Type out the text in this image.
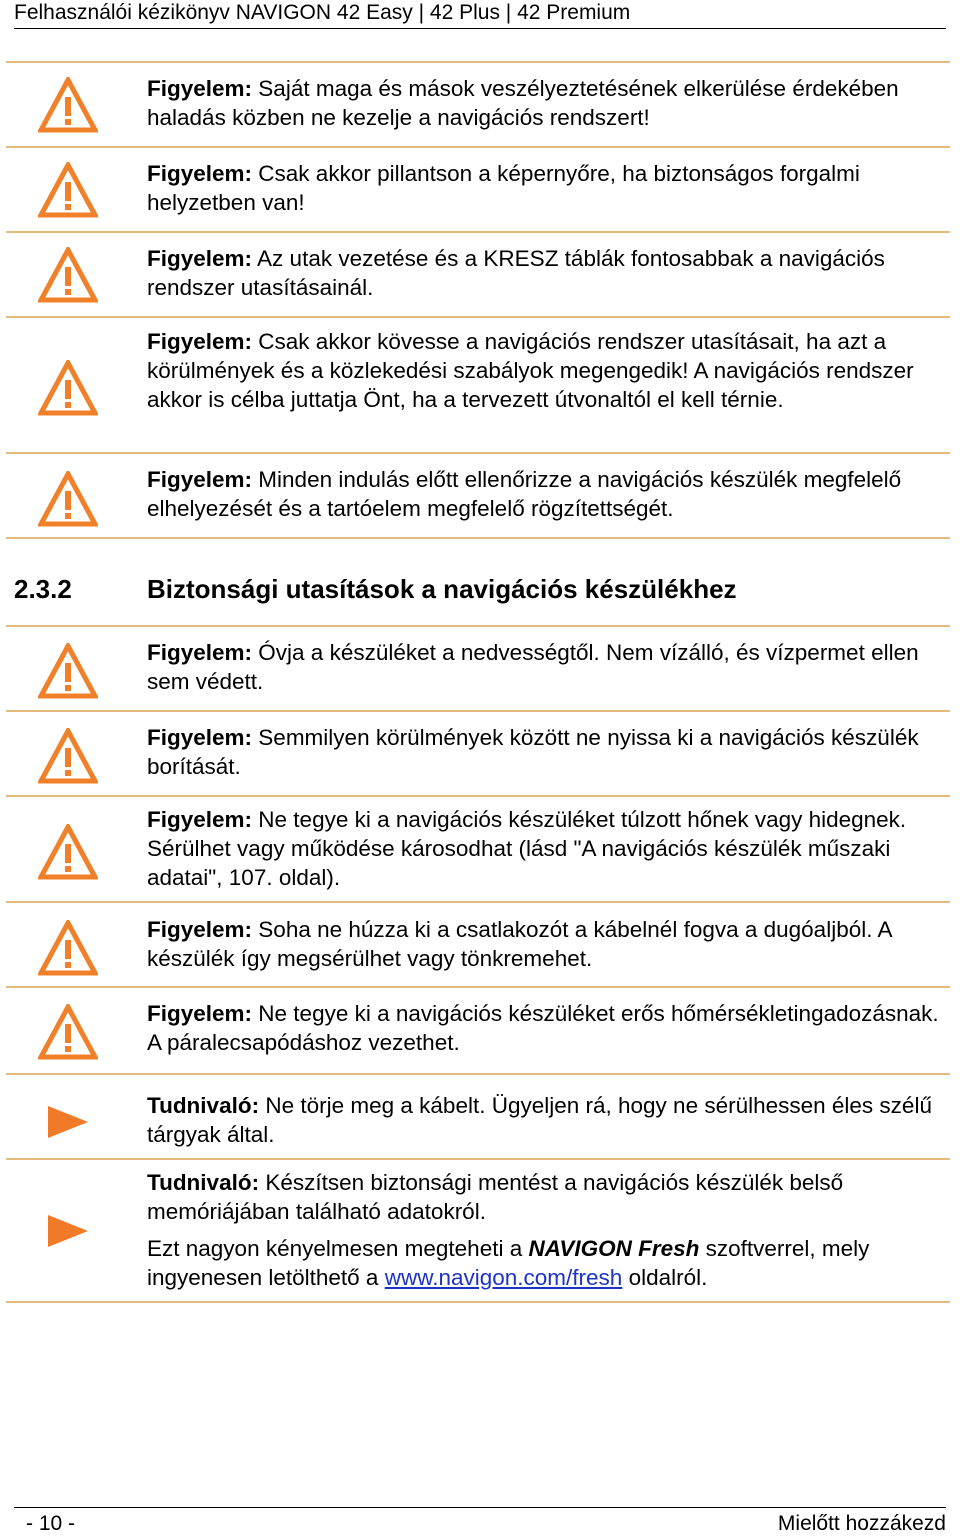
Felhasználói kézikönyv NAVIGON 42 Easy | 42 Plus | 42 Premium

Figyelem: Saját maga és mások veszélyeztetésének elkerülése érdekében haladás közben ne kezelje a navigációs rendszert!

Figyelem: Csak akkor pillantson a képernyőre, ha biztonságos forgalmi helyzetben van!

Figyelem: Az utak vezetése és a KRESZ táblák fontosabbak a navigációs rendszer utasításainál.

Figyelem: Csak akkor kövesse a navigációs rendszer utasításait, ha azt a körülmények és a közlekedési szabályok megengedik! A navigációs rendszer akkor is célba juttatja Önt, ha a tervezett útvonaltól el kell térnie.

Figyelem: Minden indulás előtt ellenőrizze a navigációs készülék megfelelő elhelyezését és a tartóelem megfelelő rögzítettségét.

2.3.2	Biztonsági utasítások a navigációs készülékhez

Figyelem: Óvja a készüléket a nedvességtől. Nem vízálló, és vízpermet ellen sem védett.

Figyelem: Semmilyen körülmények között ne nyissa ki a navigációs készülék borítását.

Figyelem: Ne tegye ki a navigációs készüléket túlzott hőnek vagy hidegnek. Sérülhet vagy működése károsodhat (lásd "A navigációs készülék műszaki adatai", 107. oldal).

Figyelem: Soha ne húzza ki a csatlakozót a kábelnél fogva a dugóaljból. A készülék így megsérülhet vagy tönkremehet.

Figyelem: Ne tegye ki a navigációs készüléket erős hőmérsékletingadozásnak. A páralecsapódáshoz vezethet.

Tudnivaló: Ne törje meg a kábelt. Ügyeljen rá, hogy ne sérülhessen éles szélű tárgyak által.

Tudnivaló: Készítsen biztonsági mentést a navigációs készülék belső memóriájában található adatokról.

Ezt nagyon kényelmesen megteheti a NAVIGON Fresh szoftverrel, mely ingyenesen letölthető a www.navigon.com/fresh oldalról.

- 10 -	Mielőtt hozzákezd
